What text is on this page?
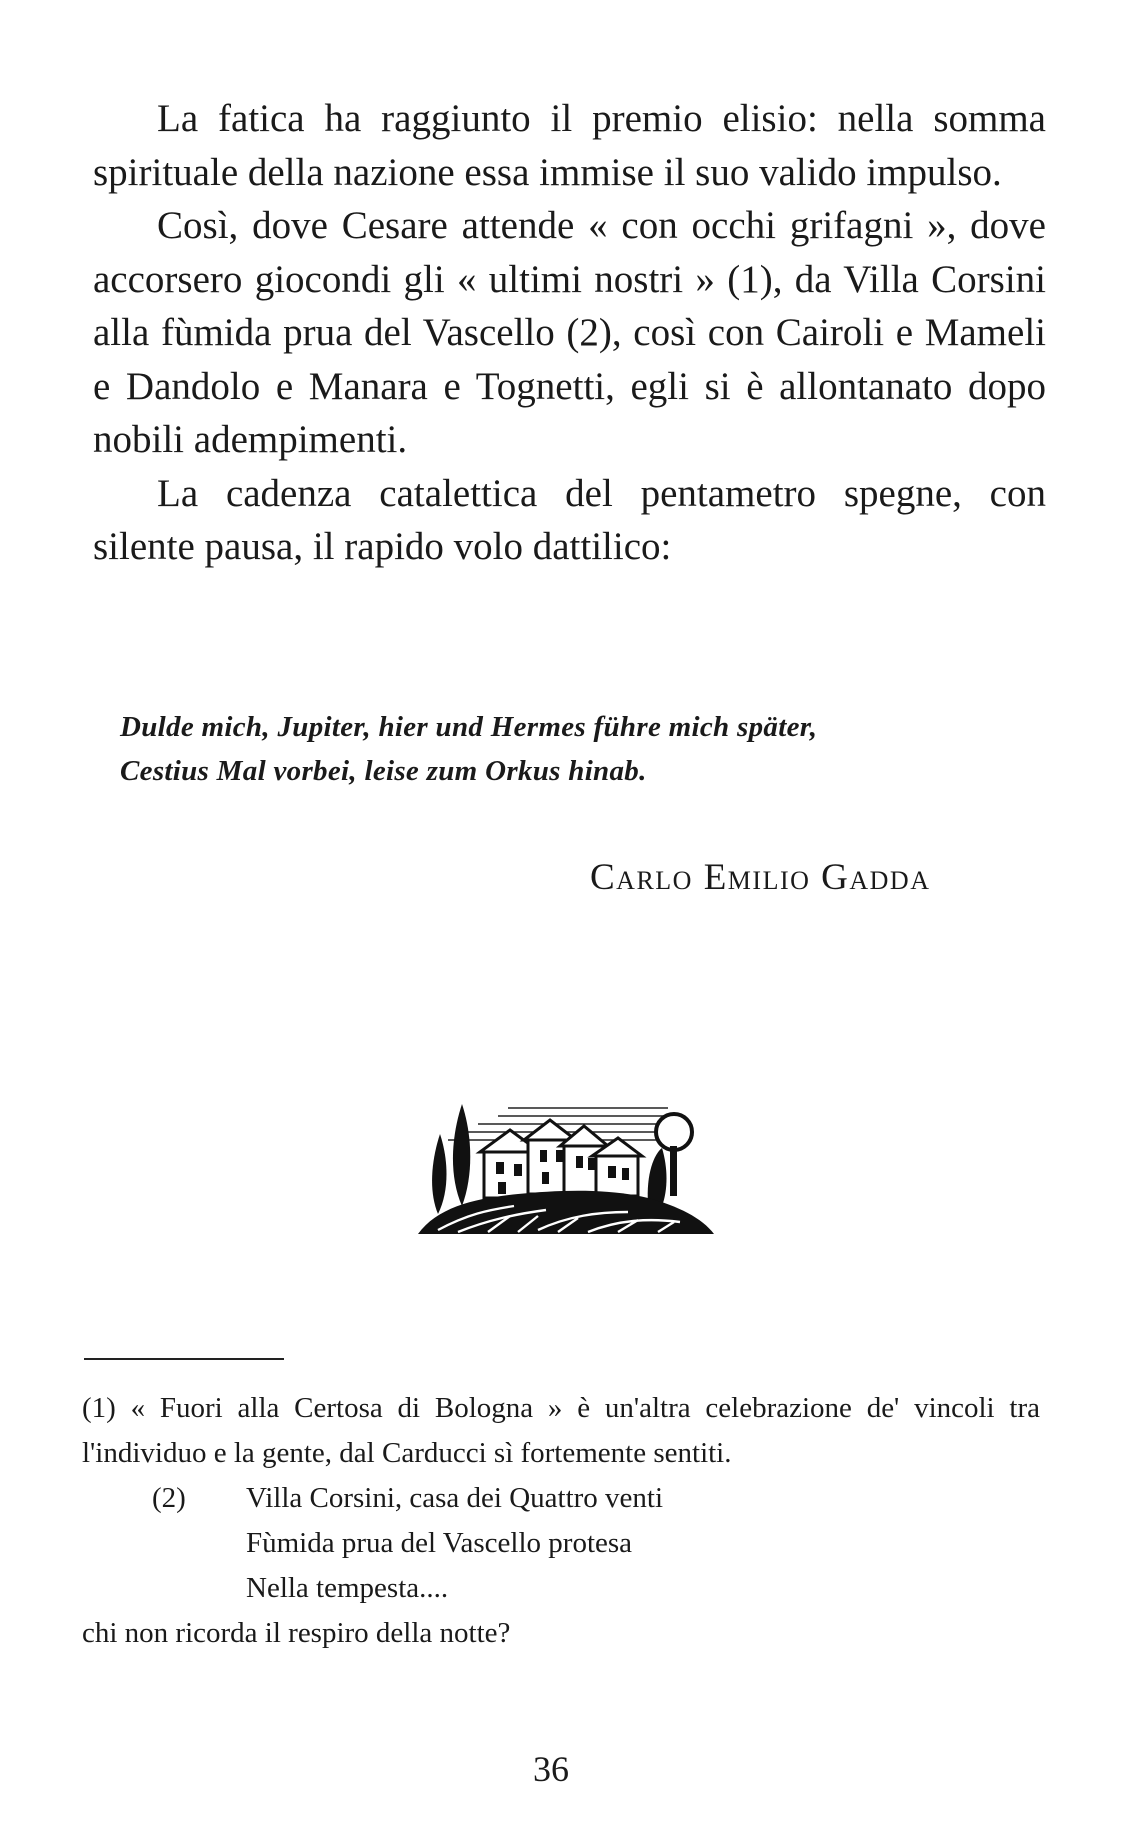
La fatica ha raggiunto il premio elisio: nella somma spirituale della nazione essa immise il suo valido impulso.

Così, dove Cesare attende « con occhi grifagni », dove accorsero giocondi gli « ultimi nostri » (1), da Villa Corsini alla fùmida prua del Vascello (2), così con Cairoli e Mameli e Dandolo e Manara e Tognetti, egli si è allontanato dopo nobili adempimenti.

La cadenza catalettica del pentametro spegne, con silente pausa, il rapido volo dattilico:

Dulde mich, Jupiter, hier und Hermes führe mich später,
Cestius Mal vorbei, leise zum Orkus hinab.
Carlo Emilio Gadda

(1) « Fuori alla Certosa di Bologna » è un'altra celebrazione de' vincoli tra l'individuo e la gente, dal Carducci sì fortemente sentiti.

(2) Villa Corsini, casa dei Quattro venti

Fùmida prua del Vascello protesa

Nella tempesta....

chi non ricorda il respiro della notte?

36
